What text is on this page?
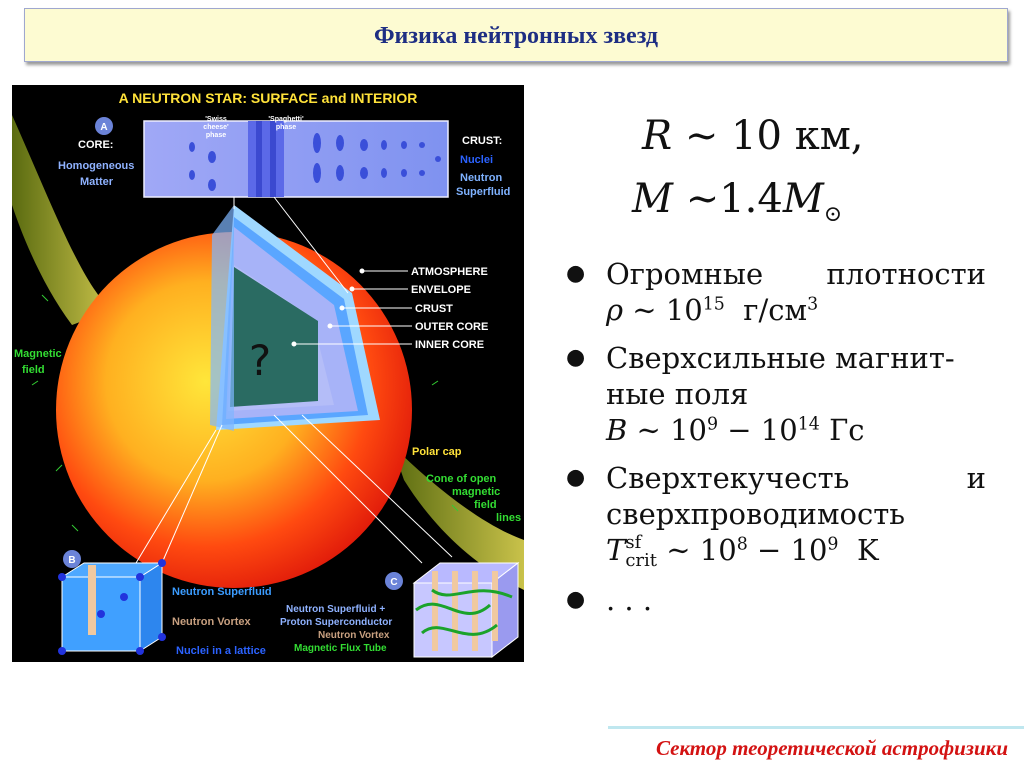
Физика нейтронных звезд
A
B
C
A NEUTRON STAR: SURFACE and INTERIOR
CORE:
Homogeneous
Matter
'Swiss
cheese'
phase
'Spaghetti'
phase
CRUST:
Nuclei
Neutron
Superfluid
ATMOSPHERE
ENVELOPE
CRUST
OUTER CORE
INNER CORE
Magnetic
field
Polar cap
Cone of open
magnetic
field
lines
Neutron Superfluid
Neutron Vortex
Nuclei in a lattice
Neutron Superfluid +
Proton Superconductor
Neutron Vortex
Magnetic Flux Tube
?
R ∼ 10 км,
M $\sim 1.4M_⊙$
● Огромные плотности
ρ ∼ $10^{15}$ $г/см^3$
● Сверхсильные магнит-
ные поля
B ∼ $10^9 - 10^{14}$ Гс
● Сверхтекучесть	и
сверхпроводимость
T sf
crit ∼ $10^8 - 10^9$ K
● . . .
Сектор теоретической астрофизики
